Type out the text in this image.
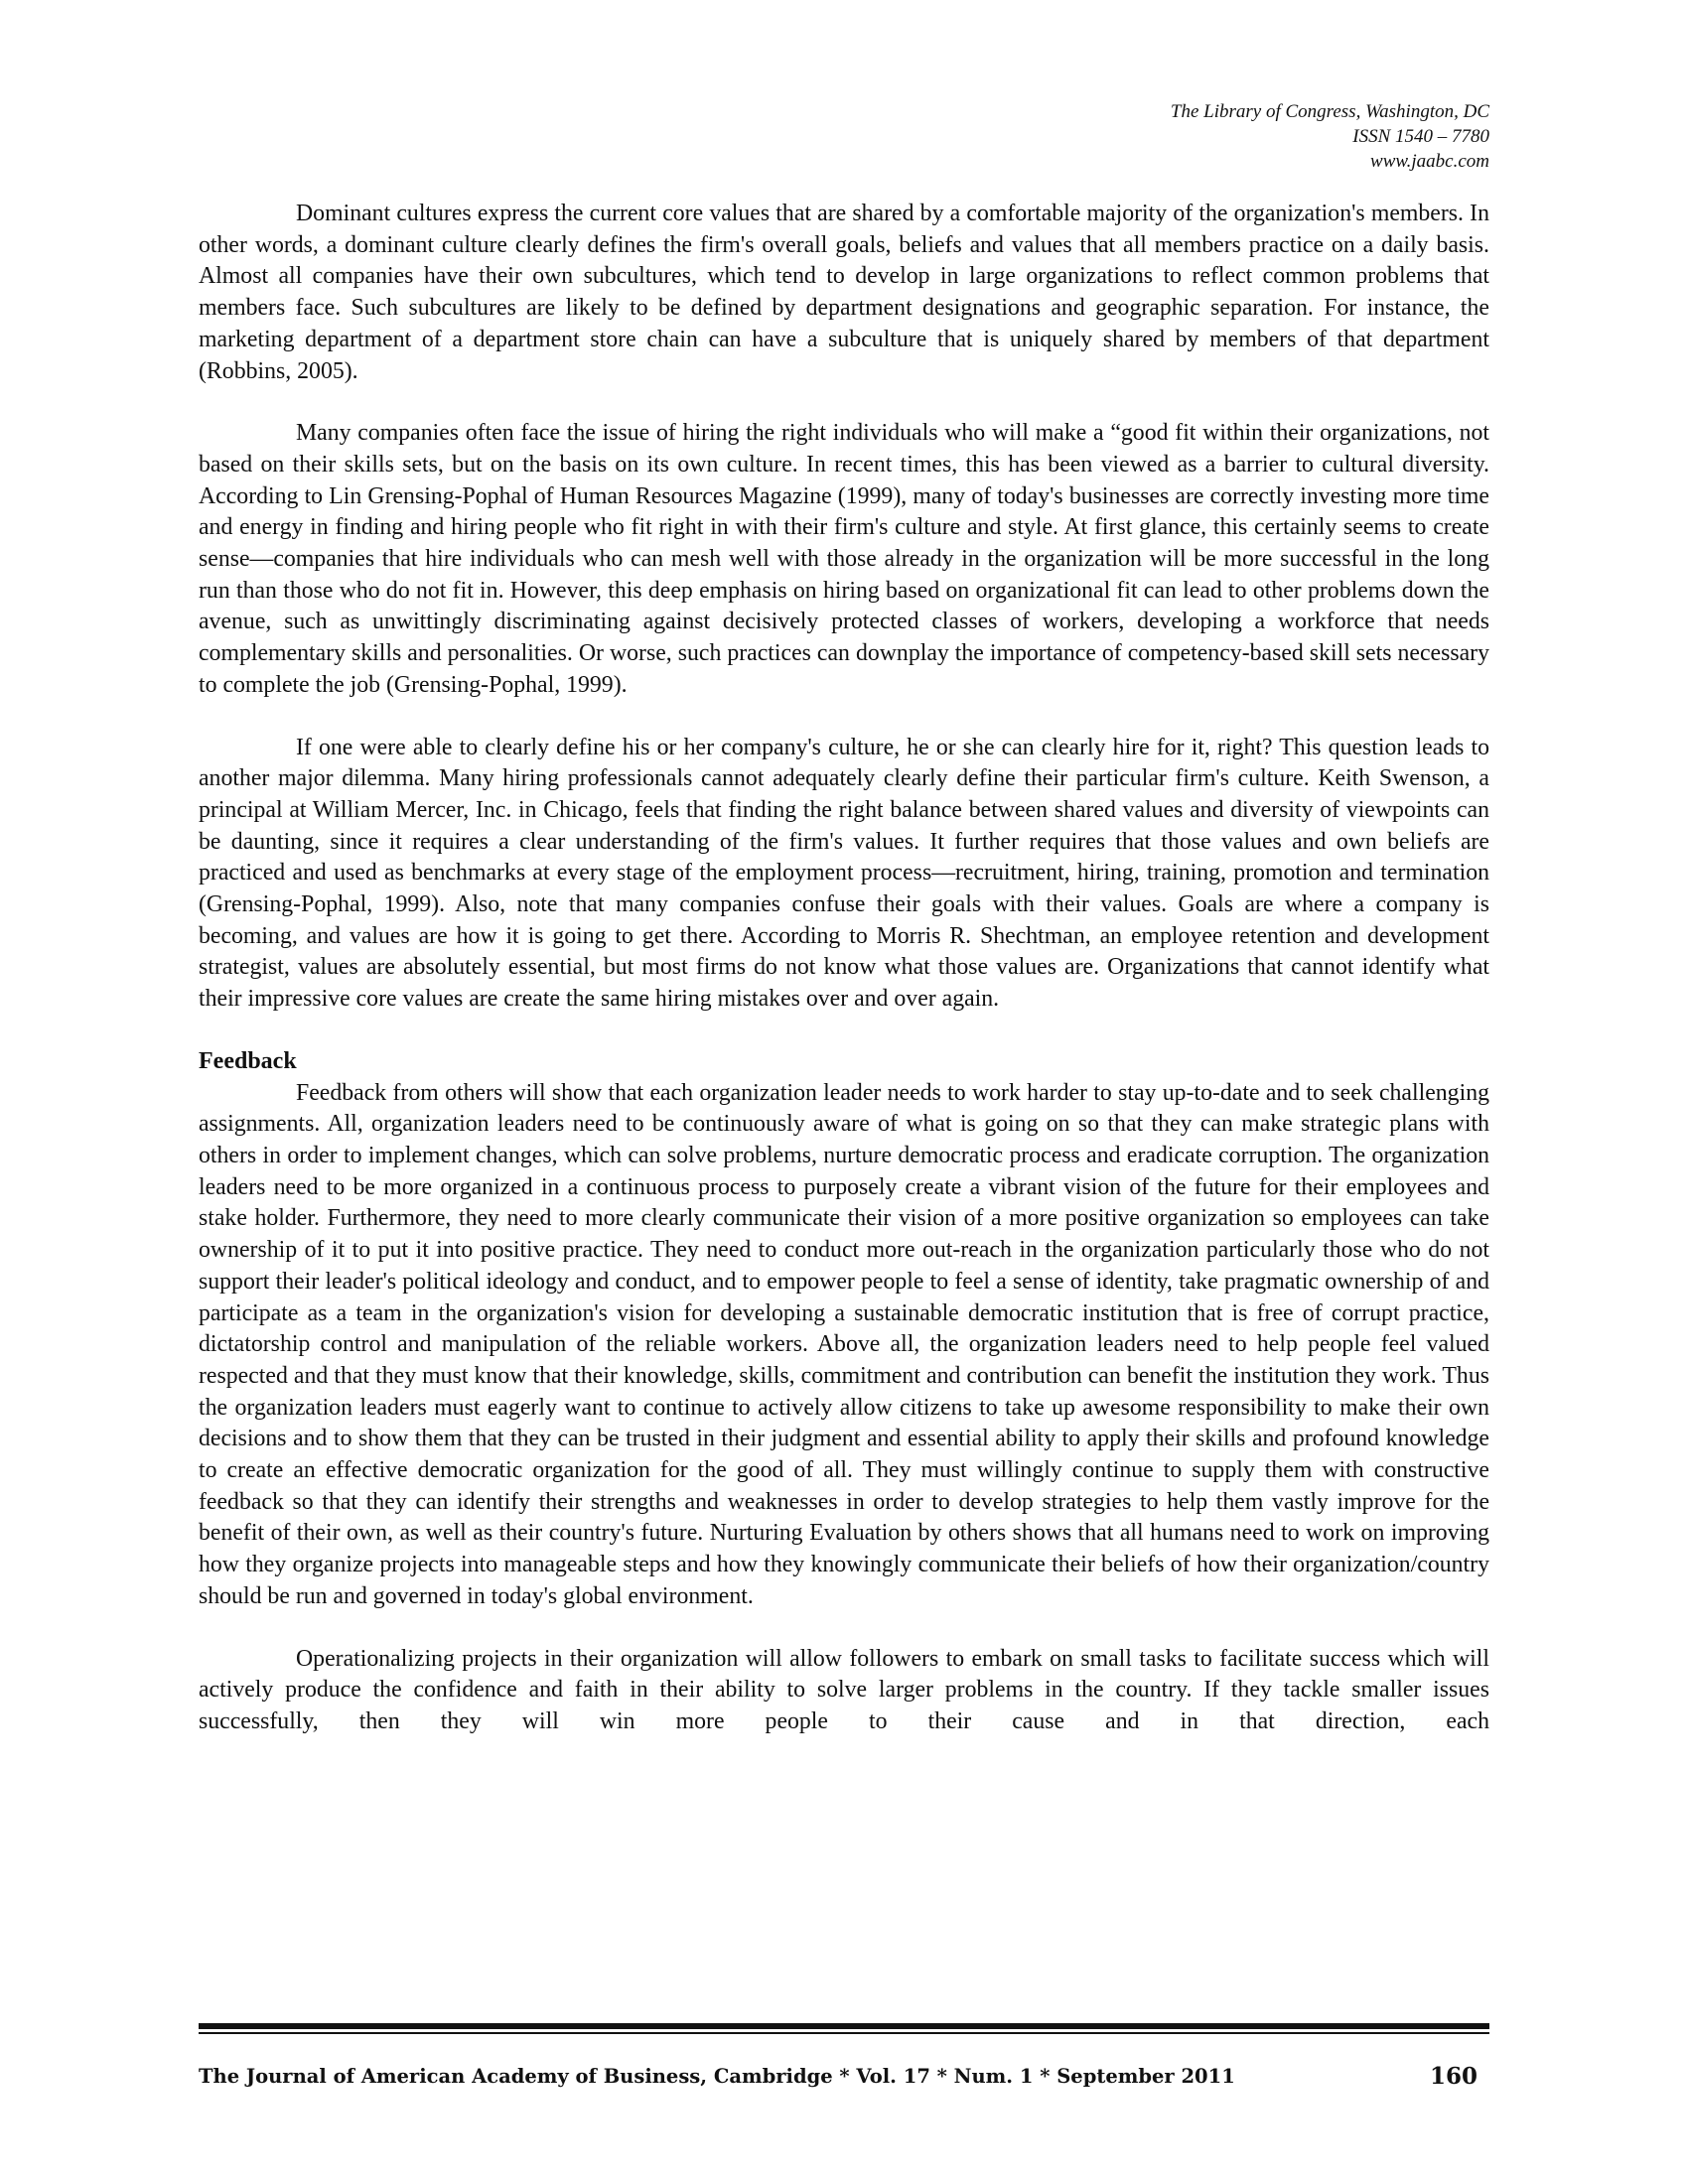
The Library of Congress, Washington, DC
ISSN 1540 – 7780
www.jaabc.com

Dominant cultures express the current core values that are shared by a comfortable majority of the organization's members. In other words, a dominant culture clearly defines the firm's overall goals, beliefs and values that all members practice on a daily basis. Almost all companies have their own subcultures, which tend to develop in large organizations to reflect common problems that members face. Such subcultures are likely to be defined by department designations and geographic separation. For instance, the marketing department of a department store chain can have a subculture that is uniquely shared by members of that department (Robbins, 2005).

Many companies often face the issue of hiring the right individuals who will make a “good fit within their organizations, not based on their skills sets, but on the basis on its own culture. In recent times, this has been viewed as a barrier to cultural diversity. According to Lin Grensing-Pophal of Human Resources Magazine (1999), many of today's businesses are correctly investing more time and energy in finding and hiring people who fit right in with their firm's culture and style. At first glance, this certainly seems to create sense—companies that hire individuals who can mesh well with those already in the organization will be more successful in the long run than those who do not fit in. However, this deep emphasis on hiring based on organizational fit can lead to other problems down the avenue, such as unwittingly discriminating against decisively protected classes of workers, developing a workforce that needs complementary skills and personalities. Or worse, such practices can downplay the importance of competency-based skill sets necessary to complete the job (Grensing-Pophal, 1999).

If one were able to clearly define his or her company's culture, he or she can clearly hire for it, right? This question leads to another major dilemma. Many hiring professionals cannot adequately clearly define their particular firm's culture. Keith Swenson, a principal at William Mercer, Inc. in Chicago, feels that finding the right balance between shared values and diversity of viewpoints can be daunting, since it requires a clear understanding of the firm's values. It further requires that those values and own beliefs are practiced and used as benchmarks at every stage of the employment process—recruitment, hiring, training, promotion and termination (Grensing-Pophal, 1999). Also, note that many companies confuse their goals with their values. Goals are where a company is becoming, and values are how it is going to get there. According to Morris R. Shechtman, an employee retention and development strategist, values are absolutely essential, but most firms do not know what those values are. Organizations that cannot identify what their impressive core values are create the same hiring mistakes over and over again.

Feedback

Feedback from others will show that each organization leader needs to work harder to stay up-to-date and to seek challenging assignments. All, organization leaders need to be continuously aware of what is going on so that they can make strategic plans with others in order to implement changes, which can solve problems, nurture democratic process and eradicate corruption. The organization leaders need to be more organized in a continuous process to purposely create a vibrant vision of the future for their employees and stake holder. Furthermore, they need to more clearly communicate their vision of a more positive organization so employees can take ownership of it to put it into positive practice. They need to conduct more out-reach in the organization particularly those who do not support their leader's political ideology and conduct, and to empower people to feel a sense of identity, take pragmatic ownership of and participate as a team in the organization's vision for developing a sustainable democratic institution that is free of corrupt practice, dictatorship control and manipulation of the reliable workers. Above all, the organization leaders need to help people feel valued respected and that they must know that their knowledge, skills, commitment and contribution can benefit the institution they work. Thus the organization leaders must eagerly want to continue to actively allow citizens to take up awesome responsibility to make their own decisions and to show them that they can be trusted in their judgment and essential ability to apply their skills and profound knowledge to create an effective democratic organization for the good of all. They must willingly continue to supply them with constructive feedback so that they can identify their strengths and weaknesses in order to develop strategies to help them vastly improve for the benefit of their own, as well as their country's future. Nurturing Evaluation by others shows that all humans need to work on improving how they organize projects into manageable steps and how they knowingly communicate their beliefs of how their organization/country should be run and governed in today's global environment.

Operationalizing projects in their organization will allow followers to embark on small tasks to facilitate success which will actively produce the confidence and faith in their ability to solve larger problems in the country. If they tackle smaller issues successfully, then they will win more people to their cause and in that direction, each

The Journal of American Academy of Business, Cambridge * Vol. 17 * Num. 1 * September 2011	160
